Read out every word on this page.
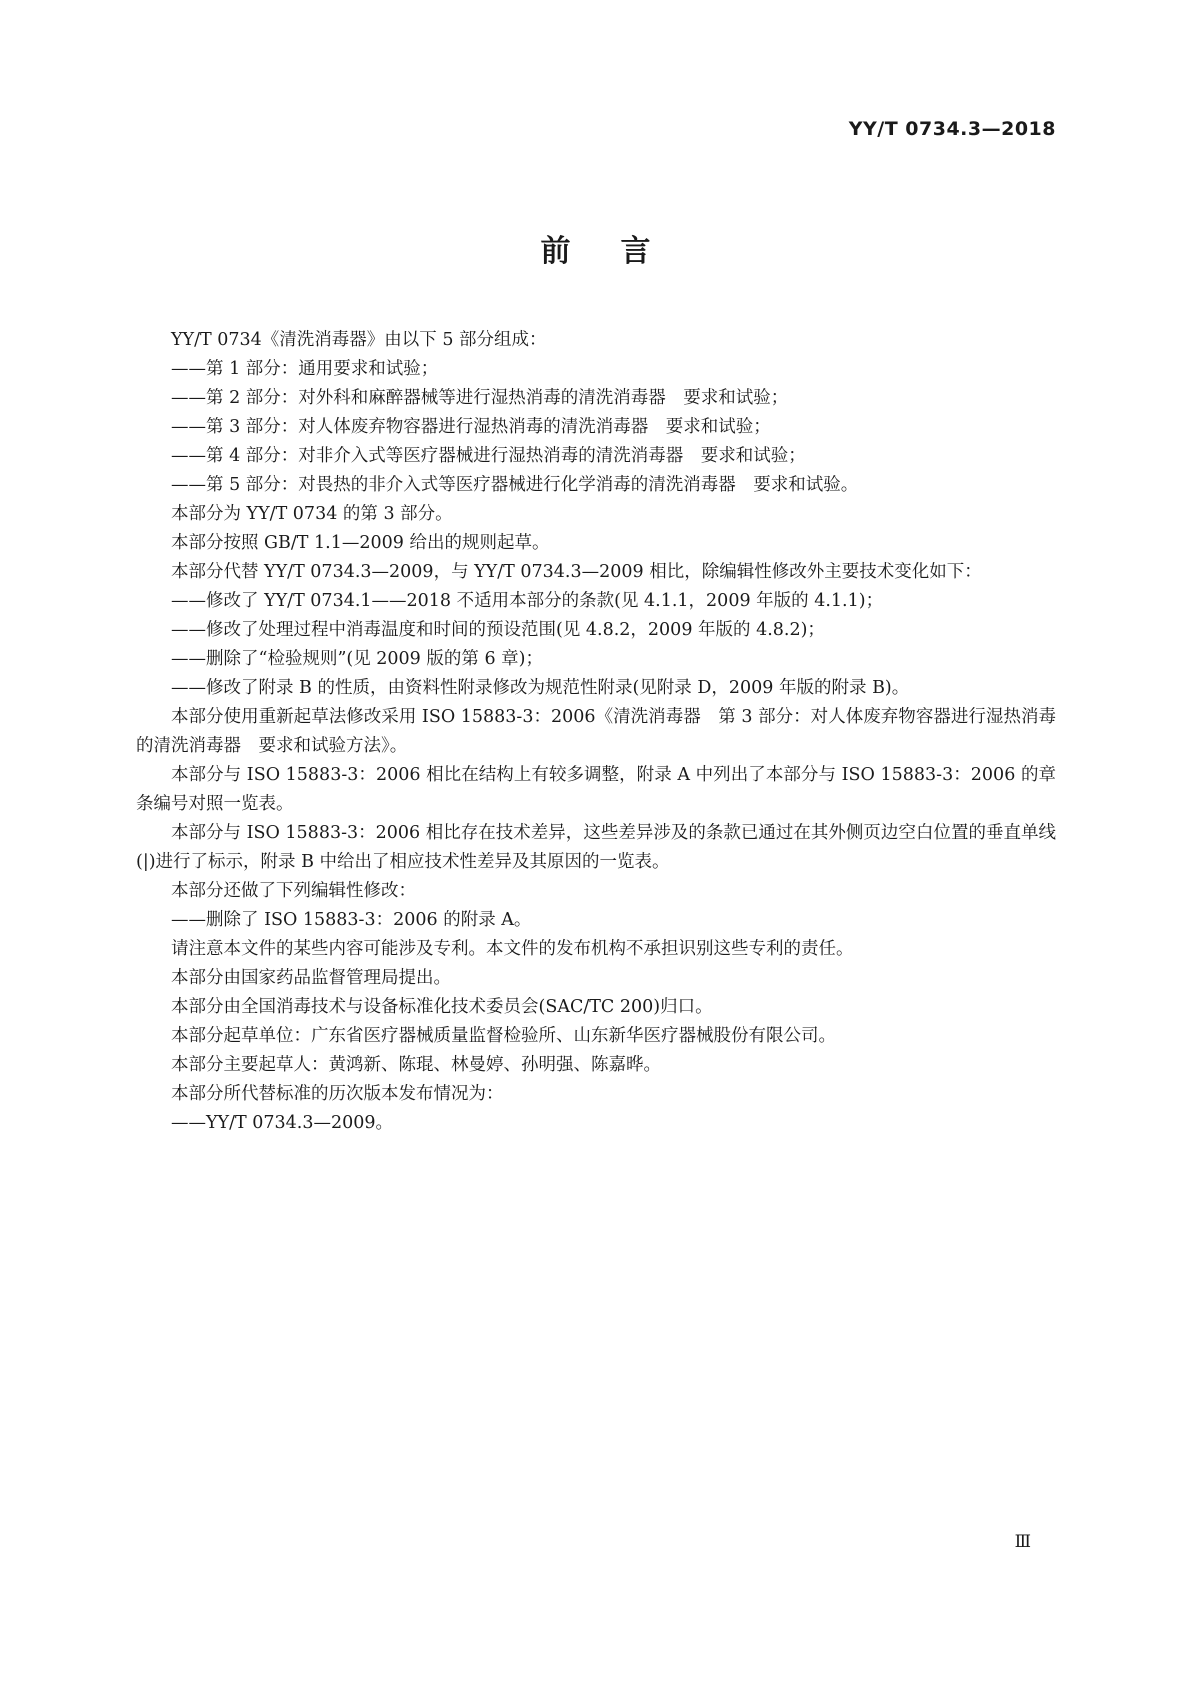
YY/T 0734.3—2018
前言

YY/T 0734《清洗消毒器》由以下 5 部分组成：

——第 1 部分：通用要求和试验；

——第 2 部分：对外科和麻醉器械等进行湿热消毒的清洗消毒器　要求和试验；

——第 3 部分：对人体废弃物容器进行湿热消毒的清洗消毒器　要求和试验；

——第 4 部分：对非介入式等医疗器械进行湿热消毒的清洗消毒器　要求和试验；

——第 5 部分：对畏热的非介入式等医疗器械进行化学消毒的清洗消毒器　要求和试验。

本部分为 YY/T 0734 的第 3 部分。

本部分按照 GB/T 1.1—2009 给出的规则起草。

本部分代替 YY/T 0734.3—2009，与 YY/T 0734.3—2009 相比，除编辑性修改外主要技术变化如下：

——修改了 YY/T 0734.1——2018 不适用本部分的条款(见 4.1.1，2009 年版的 4.1.1)；

——修改了处理过程中消毒温度和时间的预设范围(见 4.8.2，2009 年版的 4.8.2)；

——删除了“检验规则”(见 2009 版的第 6 章)；

——修改了附录 B 的性质，由资料性附录修改为规范性附录(见附录 D，2009 年版的附录 B)。

本部分使用重新起草法修改采用 ISO 15883-3：2006《清洗消毒器　第 3 部分：对人体废弃物容器进行湿热消毒的清洗消毒器　要求和试验方法》。

本部分与 ISO 15883-3：2006 相比在结构上有较多调整，附录 A 中列出了本部分与 ISO 15883-3：2006 的章条编号对照一览表。

本部分与 ISO 15883-3：2006 相比存在技术差异，这些差异涉及的条款已通过在其外侧页边空白位置的垂直单线(|)进行了标示，附录 B 中给出了相应技术性差异及其原因的一览表。

本部分还做了下列编辑性修改：

——删除了 ISO 15883-3：2006 的附录 A。

请注意本文件的某些内容可能涉及专利。本文件的发布机构不承担识别这些专利的责任。

本部分由国家药品监督管理局提出。

本部分由全国消毒技术与设备标准化技术委员会(SAC/TC 200)归口。

本部分起草单位：广东省医疗器械质量监督检验所、山东新华医疗器械股份有限公司。

本部分主要起草人：黄鸿新、陈琨、林曼婷、孙明强、陈嘉晔。

本部分所代替标准的历次版本发布情况为：

——YY/T 0734.3—2009。

Ⅲ
